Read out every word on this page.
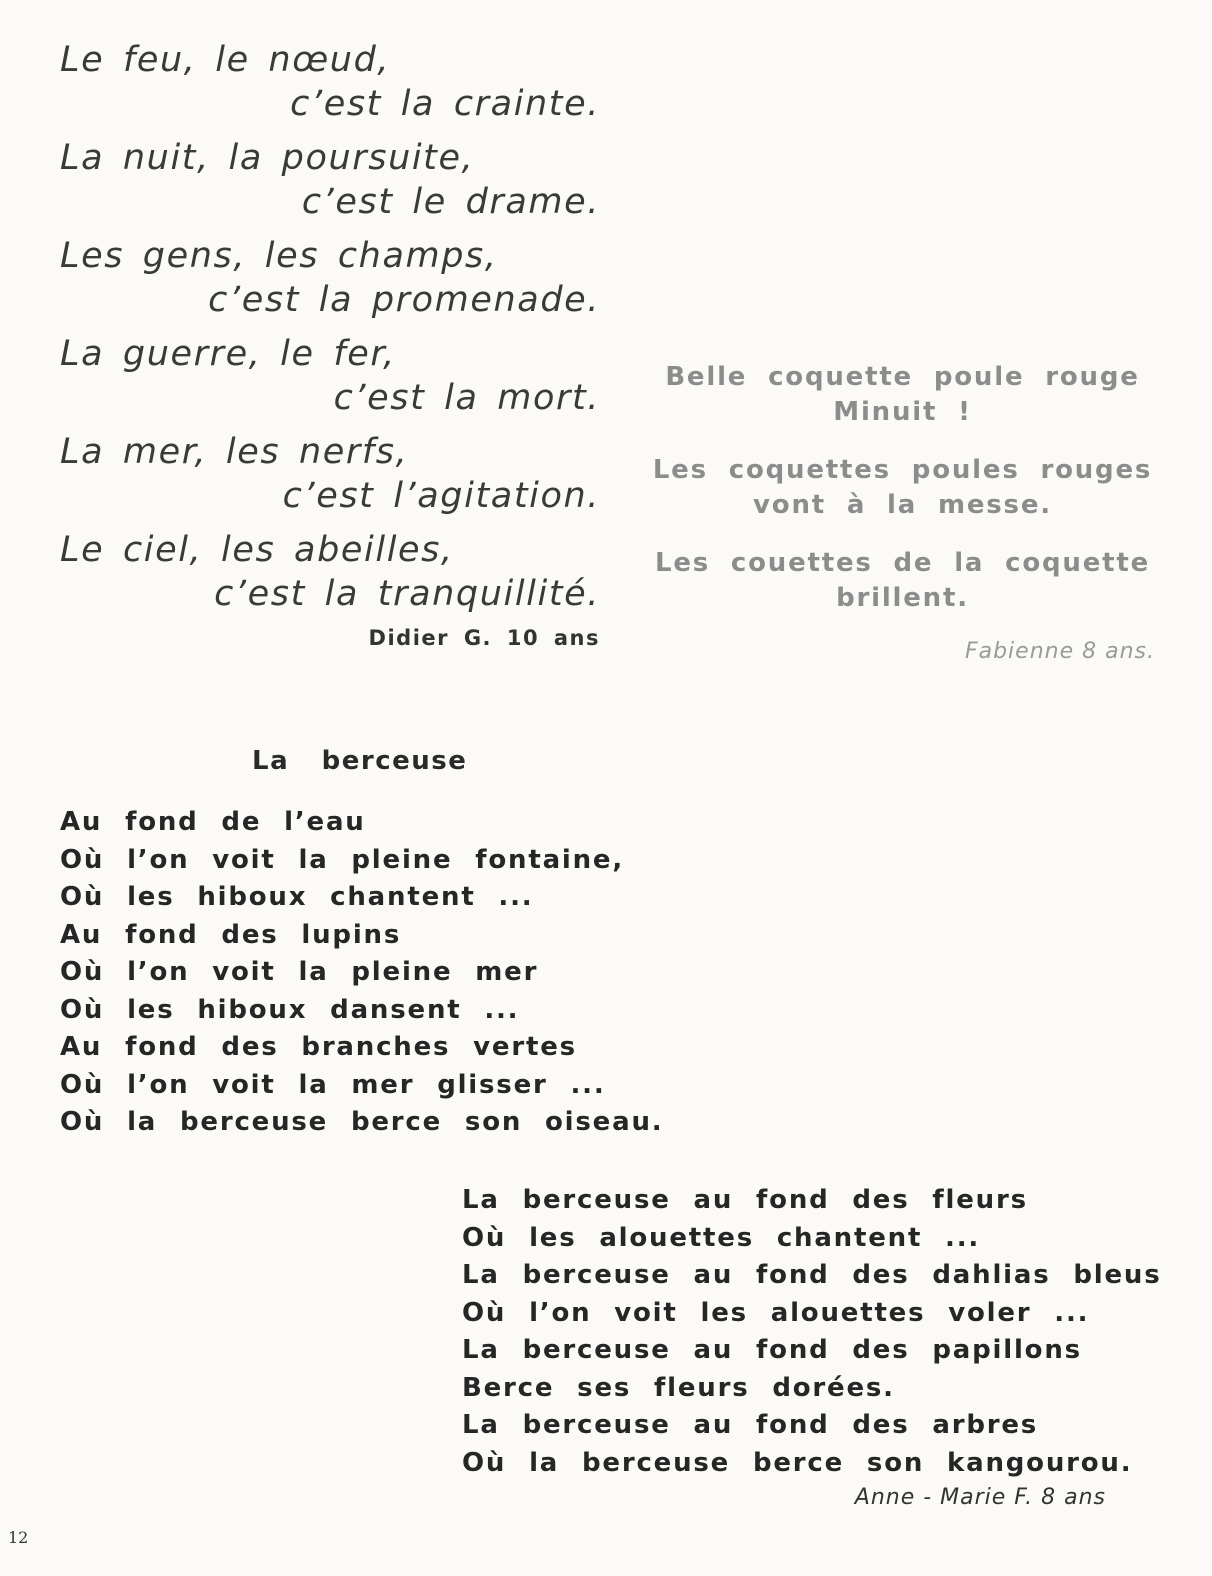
Le feu, le nœud,
c’est la crainte.
La nuit, la poursuite,
c’est le drame.
Les gens, les champs,
c’est la promenade.
La guerre, le fer,
c’est la mort.
La mer, les nerfs,
c’est l’agitation.
Le ciel, les abeilles,
c’est la tranquillité.
Didier G. 10 ans
Belle coquette poule rouge
Minuit !
Les coquettes poules rouges
vont à la messe.
Les couettes de la coquette
brillent.
Fabienne 8 ans.
La berceuse
Au fond de l’eau
Où l’on voit la pleine fontaine,
Où les hiboux chantent ...
Au fond des lupins
Où l’on voit la pleine mer
Où les hiboux dansent ...
Au fond des branches vertes
Où l’on voit la mer glisser ...
Où la berceuse berce son oiseau.
La berceuse au fond des fleurs
Où les alouettes chantent ...
La berceuse au fond des dahlias bleus
Où l’on voit les alouettes voler ...
La berceuse au fond des papillons
Berce ses fleurs dorées.
La berceuse au fond des arbres
Où la berceuse berce son kangourou.
Anne - Marie F. 8 ans
12
